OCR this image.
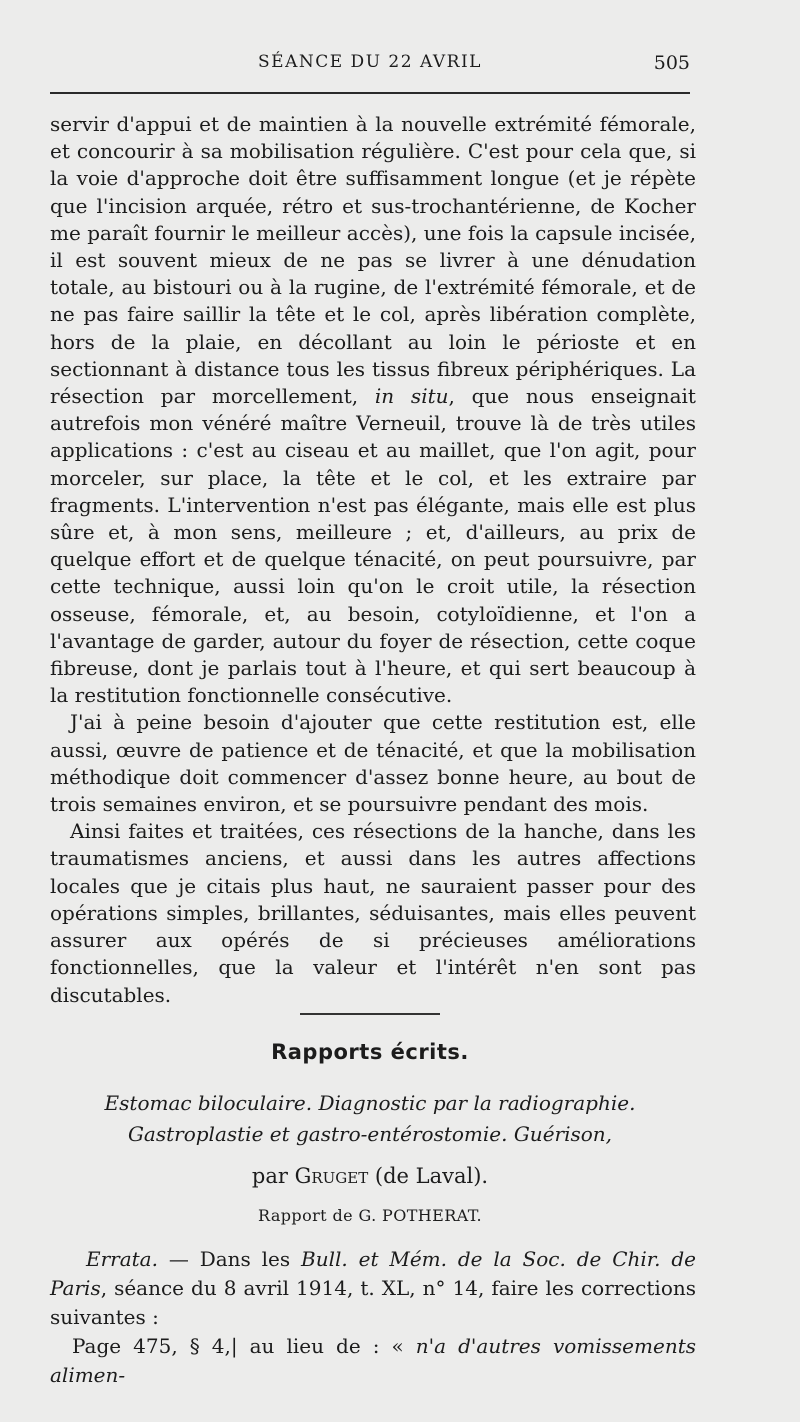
SÉANCE DU 22 AVRIL	505

servir d'appui et de maintien à la nouvelle extrémité fémorale, et concourir à sa mobilisation régulière. C'est pour cela que, si la voie d'approche doit être suffisamment longue (et je répète que l'incision arquée, rétro et sus-trochantérienne, de Kocher me paraît fournir le meilleur accès), une fois la capsule incisée, il est souvent mieux de ne pas se livrer à une dénudation totale, au bistouri ou à la rugine, de l'extrémité fémorale, et de ne pas faire saillir la tête et le col, après libération complète, hors de la plaie, en décollant au loin le périoste et en sectionnant à distance tous les tissus fibreux périphériques. La résection par morcellement, in situ, que nous enseignait autrefois mon vénéré maître Verneuil, trouve là de très utiles applications : c'est au ciseau et au maillet, que l'on agit, pour morceler, sur place, la tête et le col, et les extraire par fragments. L'intervention n'est pas élégante, mais elle est plus sûre et, à mon sens, meilleure ; et, d'ailleurs, au prix de quelque effort et de quelque ténacité, on peut poursuivre, par cette technique, aussi loin qu'on le croit utile, la résection osseuse, fémorale, et, au besoin, cotyloïdienne, et l'on a l'avantage de garder, autour du foyer de résection, cette coque fibreuse, dont je parlais tout à l'heure, et qui sert beaucoup à la restitution fonctionnelle consécutive.

J'ai à peine besoin d'ajouter que cette restitution est, elle aussi, œuvre de patience et de ténacité, et que la mobilisation méthodique doit commencer d'assez bonne heure, au bout de trois semaines environ, et se poursuivre pendant des mois.

Ainsi faites et traitées, ces résections de la hanche, dans les traumatismes anciens, et aussi dans les autres affections locales que je citais plus haut, ne sauraient passer pour des opérations simples, brillantes, séduisantes, mais elles peuvent assurer aux opérés de si précieuses améliorations fonctionnelles, que la valeur et l'intérêt n'en sont pas discutables.

Rapports écrits.
Estomac biloculaire. Diagnostic par la radiographie.
Gastroplastie et gastro-entérostomie. Guérison,
par Gruget (de Laval).
Rapport de G. POTHERAT.

Errata. — Dans les Bull. et Mém. de la Soc. de Chir. de Paris, séance du 8 avril 1914, t. XL, n° 14, faire les corrections suivantes :

Page 475, § 4,| au lieu de : « n'a d'autres vomissements alimen-
